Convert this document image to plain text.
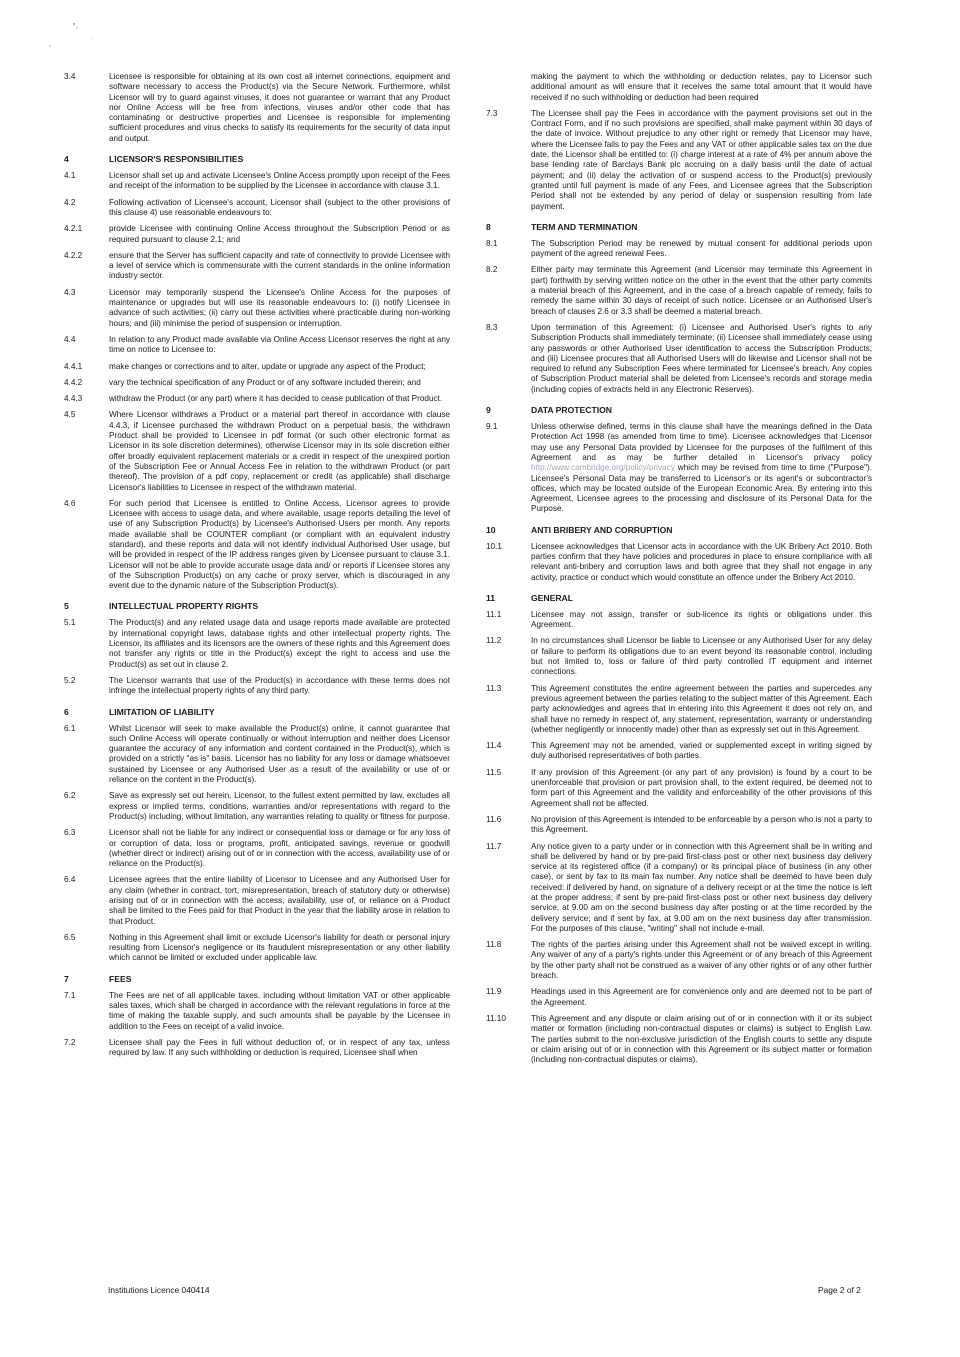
3.4	Licensee is responsible for obtaining at its own cost all internet connections, equipment and software necessary to access the Product(s) via the Secure Network. Furthermore, whilst Licensor will try to guard against viruses, it does not guarantee or warrant that any Product nor Online Access will be free from infections, viruses and/or other code that has contaminating or destructive properties and Licensee is responsible for implementing sufficient procedures and virus checks to satisfy its requirements for the security of data input and output.
4	LICENSOR'S RESPONSIBILITIES
4.1	Licensor shall set up and activate Licensee's Online Access promptly upon receipt of the Fees and receipt of the information to be supplied by the Licensee in accordance with clause 3.1.
4.2	Following activation of Licensee's account, Licensor shall (subject to the other provisions of this clause 4) use reasonable endeavours to:
4.2.1	provide Licensee with continuing Online Access throughout the Subscription Period or as required pursuant to clause 2.1; and
4.2.2	ensure that the Server has sufficient capacity and rate of connectivity to provide Licensee with a level of service which is commensurate with the current standards in the online information industry sector.
4.3	Licensor may temporarily suspend the Licensee's Online Access for the purposes of maintenance or upgrades but will use its reasonable endeavours to: (i) notify Licensee in advance of such activities; (ii) carry out these activities where practicable during non-working hours; and (iii) minimise the period of suspension or interruption.
4.4	In relation to any Product made available via Online Access Licensor reserves the right at any time on notice to Licensee to:
4.4.1	make changes or corrections and to alter, update or upgrade any aspect of the Product;
4.4.2	vary the technical specification of any Product or of any software included therein; and
4.4.3	withdraw the Product (or any part) where it has decided to cease publication of that Product.
4.5	Where Licensor withdraws a Product or a material part thereof in accordance with clause 4.4.3, if Licensee purchased the withdrawn Product on a perpetual basis, the withdrawn Product shall be provided to Licensee in pdf format (or such other electronic format as Licensor in its sole discretion determines), otherwise Licensor may in its sole discretion either offer broadly equivalent replacement materials or a credit in respect of the unexpired portion of the Subscription Fee or Annual Access Fee in relation to the withdrawn Product (or part thereof). The provision of a pdf copy, replacement or credit (as applicable) shall discharge Licensor's liabilities to Licensee in respect of the withdrawn material.
4.6	For such period that Licensee is entitled to Online Access, Licensor agrees to provide Licensee with access to usage data, and where available, usage reports detailing the level of use of any Subscription Product(s) by Licensee's Authorised Users per month. Any reports made available shall be COUNTER compliant (or compliant with an equivalent industry standard), and these reports and data will not identify individual Authorised User usage, but will be provided in respect of the IP address ranges given by Licensee pursuant to clause 3.1. Licensor will not be able to provide accurate usage data and/ or reports if Licensee stores any of the Subscription Product(s) on any cache or proxy server, which is discouraged in any event due to the dynamic nature of the Subscription Product(s).
5	INTELLECTUAL PROPERTY RIGHTS
5.1	The Product(s) and any related usage data and usage reports made available are protected by international copyright laws, database rights and other intellectual property rights. The Licensor, its affiliates and its licensors are the owners of these rights and this Agreement does not transfer any rights or title in the Product(s) except the right to access and use the Product(s) as set out in clause 2.
5.2	The Licensor warrants that use of the Product(s) in accordance with these terms does not infringe the intellectual property rights of any third party.
6	LIMITATION OF LIABILITY
6.1	Whilst Licensor will seek to make available the Product(s) online, it cannot guarantee that such Online Access will operate continually or without interruption and neither does Licensor guarantee the accuracy of any information and content contained in the Product(s), which is provided on a strictly "as is" basis. Licensor has no liability for any loss or damage whatsoever sustained by Licensee or any Authorised User as a result of the availability or use of or reliance on the content in the Product(s).
6.2	Save as expressly set out herein, Licensor, to the fullest extent permitted by law, excludes all express or implied terms, conditions, warranties and/or representations with regard to the Product(s) including, without limitation, any warranties relating to quality or fitness for purpose.
6.3	Licensor shall not be liable for any indirect or consequential loss or damage or for any loss of or corruption of data, loss or programs, profit, anticipated savings, revenue or goodwill (whether direct or indirect) arising out of or in connection with the access, availability use of or reliance on the Product(s).
6.4	Licensee agrees that the entire liability of Licensor to Licensee and any Authorised User for any claim (whether in contract, tort, misrepresentation, breach of statutory duty or otherwise) arising out of or in connection with the access, availability, use of, or reliance on a Product shall be limited to the Fees paid for that Product in the year that the liability arose in relation to that Product.
6.5	Nothing in this Agreement shall limit or exclude Licensor's liability for death or personal injury resulting from Licensor's negligence or its fraudulent misrepresentation or any other liability which cannot be limited or excluded under applicable law.
7	FEES
7.1	The Fees are net of all applicable taxes, including without limitation VAT or other applicable sales taxes, which shall be charged in accordance with the relevant regulations in force at the time of making the taxable supply, and such amounts shall be payable by the Licensee in addition to the Fees on receipt of a valid invoice.
7.2	Licensee shall pay the Fees in full without deduction of, or in respect of any tax, unless required by law. If any such withholding or deduction is required, Licensee shall when
making the payment to which the withholding or deduction relates, pay to Licensor such additional amount as will ensure that it receives the same total amount that it would have received if no such withholding or deduction had been required
7.3	The Licensee shall pay the Fees in accordance with the payment provisions set out in the Contract Form, and if no such provisions are specified, shall make payment within 30 days of the date of invoice. Without prejudice to any other right or remedy that Licensor may have, where the Licensee fails to pay the Fees and any VAT or other applicable sales tax on the due date, the Licensor shall be entitled to: (i) charge interest at a rate of 4% per annum above the base lending rate of Barclays Bank plc accruing on a daily basis until the date of actual payment; and (ii) delay the activation of or suspend access to the Product(s) previously granted until full payment is made of any Fees, and Licensee agrees that the Subscription Period shall not be extended by any period of delay or suspension resulting from late payment.
8	TERM AND TERMINATION
8.1	The Subscription Period may be renewed by mutual consent for additional periods upon payment of the agreed renewal Fees.
8.2	Either party may terminate this Agreement (and Licensor may terminate this Agreement in part) forthwith by serving written notice on the other in the event that the other party commits a material breach of this Agreement, and in the case of a breach capable of remedy, fails to remedy the same within 30 days of receipt of such notice. Licensee or an Authorised User's breach of clauses 2.6 or 3.3 shall be deemed a material breach.
8.3	Upon termination of this Agreement: (i) Licensee and Authorised User's rights to any Subscription Products shall immediately terminate; (ii) Licensee shall immediately cease using any passwords or other Authorised User identification to access the Subscription Products; and (iii) Licensee procures that all Authorised Users will do likewise and Licensor shall not be required to refund any Subscription Fees where terminated for Licensee's breach. Any copies of Subscription Product material shall be deleted from Licensee's records and storage media (including copies of extracts held in any Electronic Reserves).
9	DATA PROTECTION
9.1	Unless otherwise defined, terms in this clause shall have the meanings defined in the Data Protection Act 1998 (as amended from time to time). Licensee acknowledges that Licensor may use any Personal Data provided by Licensee for the purposes of the fulfilment of this Agreement and as may be further detailed in Licensor's privacy policy http://www.cambridge.org/policy/privacy which may be revised from time to time ("Purpose"). Licensee's Personal Data may be transferred to Licensor's or its agent's or subcontractor's offices, which may be located outside of the European Economic Area. By entering into this Agreement, Licensee agrees to the processing and disclosure of its Personal Data for the Purpose.
10	ANTI BRIBERY AND CORRUPTION
10.1	Licensee acknowledges that Licensor acts in accordance with the UK Bribery Act 2010. Both parties confirm that they have policies and procedures in place to ensure compliance with all relevant anti-bribery and corruption laws and both agree that they shall not engage in any activity, practice or conduct which would constitute an offence under the Bribery Act 2010.
11	GENERAL
11.1	Licensee may not assign, transfer or sub-licence its rights or obligations under this Agreement.
11.2	In no circumstances shall Licensor be liable to Licensee or any Authorised User for any delay or failure to perform its obligations due to an event beyond its reasonable control, including but not limited to, loss or failure of third party controlled IT equipment and internet connections.
11.3	This Agreement constitutes the entire agreement between the parties and supercedes any previous agreement between the parties relating to the subject matter of this Agreement. Each party acknowledges and agrees that in entering into this Agreement it does not rely on, and shall have no remedy in respect of, any statement, representation, warranty or understanding (whether negligently or innocently made) other than as expressly set out in this Agreement.
11.4	This Agreement may not be amended, varied or supplemented except in writing signed by duly authorised representatives of both parties.
11.5	If any provision of this Agreement (or any part of any provision) is found by a court to be unenforceable that provision or part provision shall, to the extent required, be deemed not to form part of this Agreement and the validity and enforceability of the other provisions of this Agreement shall not be affected.
11.6	No provision of this Agreement is intended to be enforceable by a person who is not a party to this Agreement.
11.7	Any notice given to a party under or in connection with this Agreement shall be in writing and shall be delivered by hand or by pre-paid first-class post or other next business day delivery service at its registered office (if a company) or its principal place of business (in any other case), or sent by fax to its main fax number. Any notice shall be deemed to have been duly received: if delivered by hand, on signature of a delivery receipt or at the time the notice is left at the proper address; if sent by pre-paid first-class post or other next business day delivery service, at 9.00 am on the second business day after posting or at the time recorded by the delivery service; and if sent by fax, at 9.00 am on the next business day after transmission. For the purposes of this clause, "writing" shall not include e-mail.
11.8	The rights of the parties arising under this Agreement shall not be waived except in writing. Any waiver of any of a party's rights under this Agreement or of any breach of this Agreement by the other party shall not be construed as a waiver of any other rights or of any other further breach.
11.9	Headings used in this Agreement are for convenience only and are deemed not to be part of the Agreement.
11.10	This Agreement and any dispute or claim arising out of or in connection with it or its subject matter or formation (including non-contractual disputes or claims) is subject to English Law. The parties submit to the non-exclusive jurisdiction of the English courts to settle any dispute or claim arising out of or in connection with this Agreement or its subject matter or formation (including non-contractual disputes or claims).
Institutions Licence 040414	Page 2 of 2
